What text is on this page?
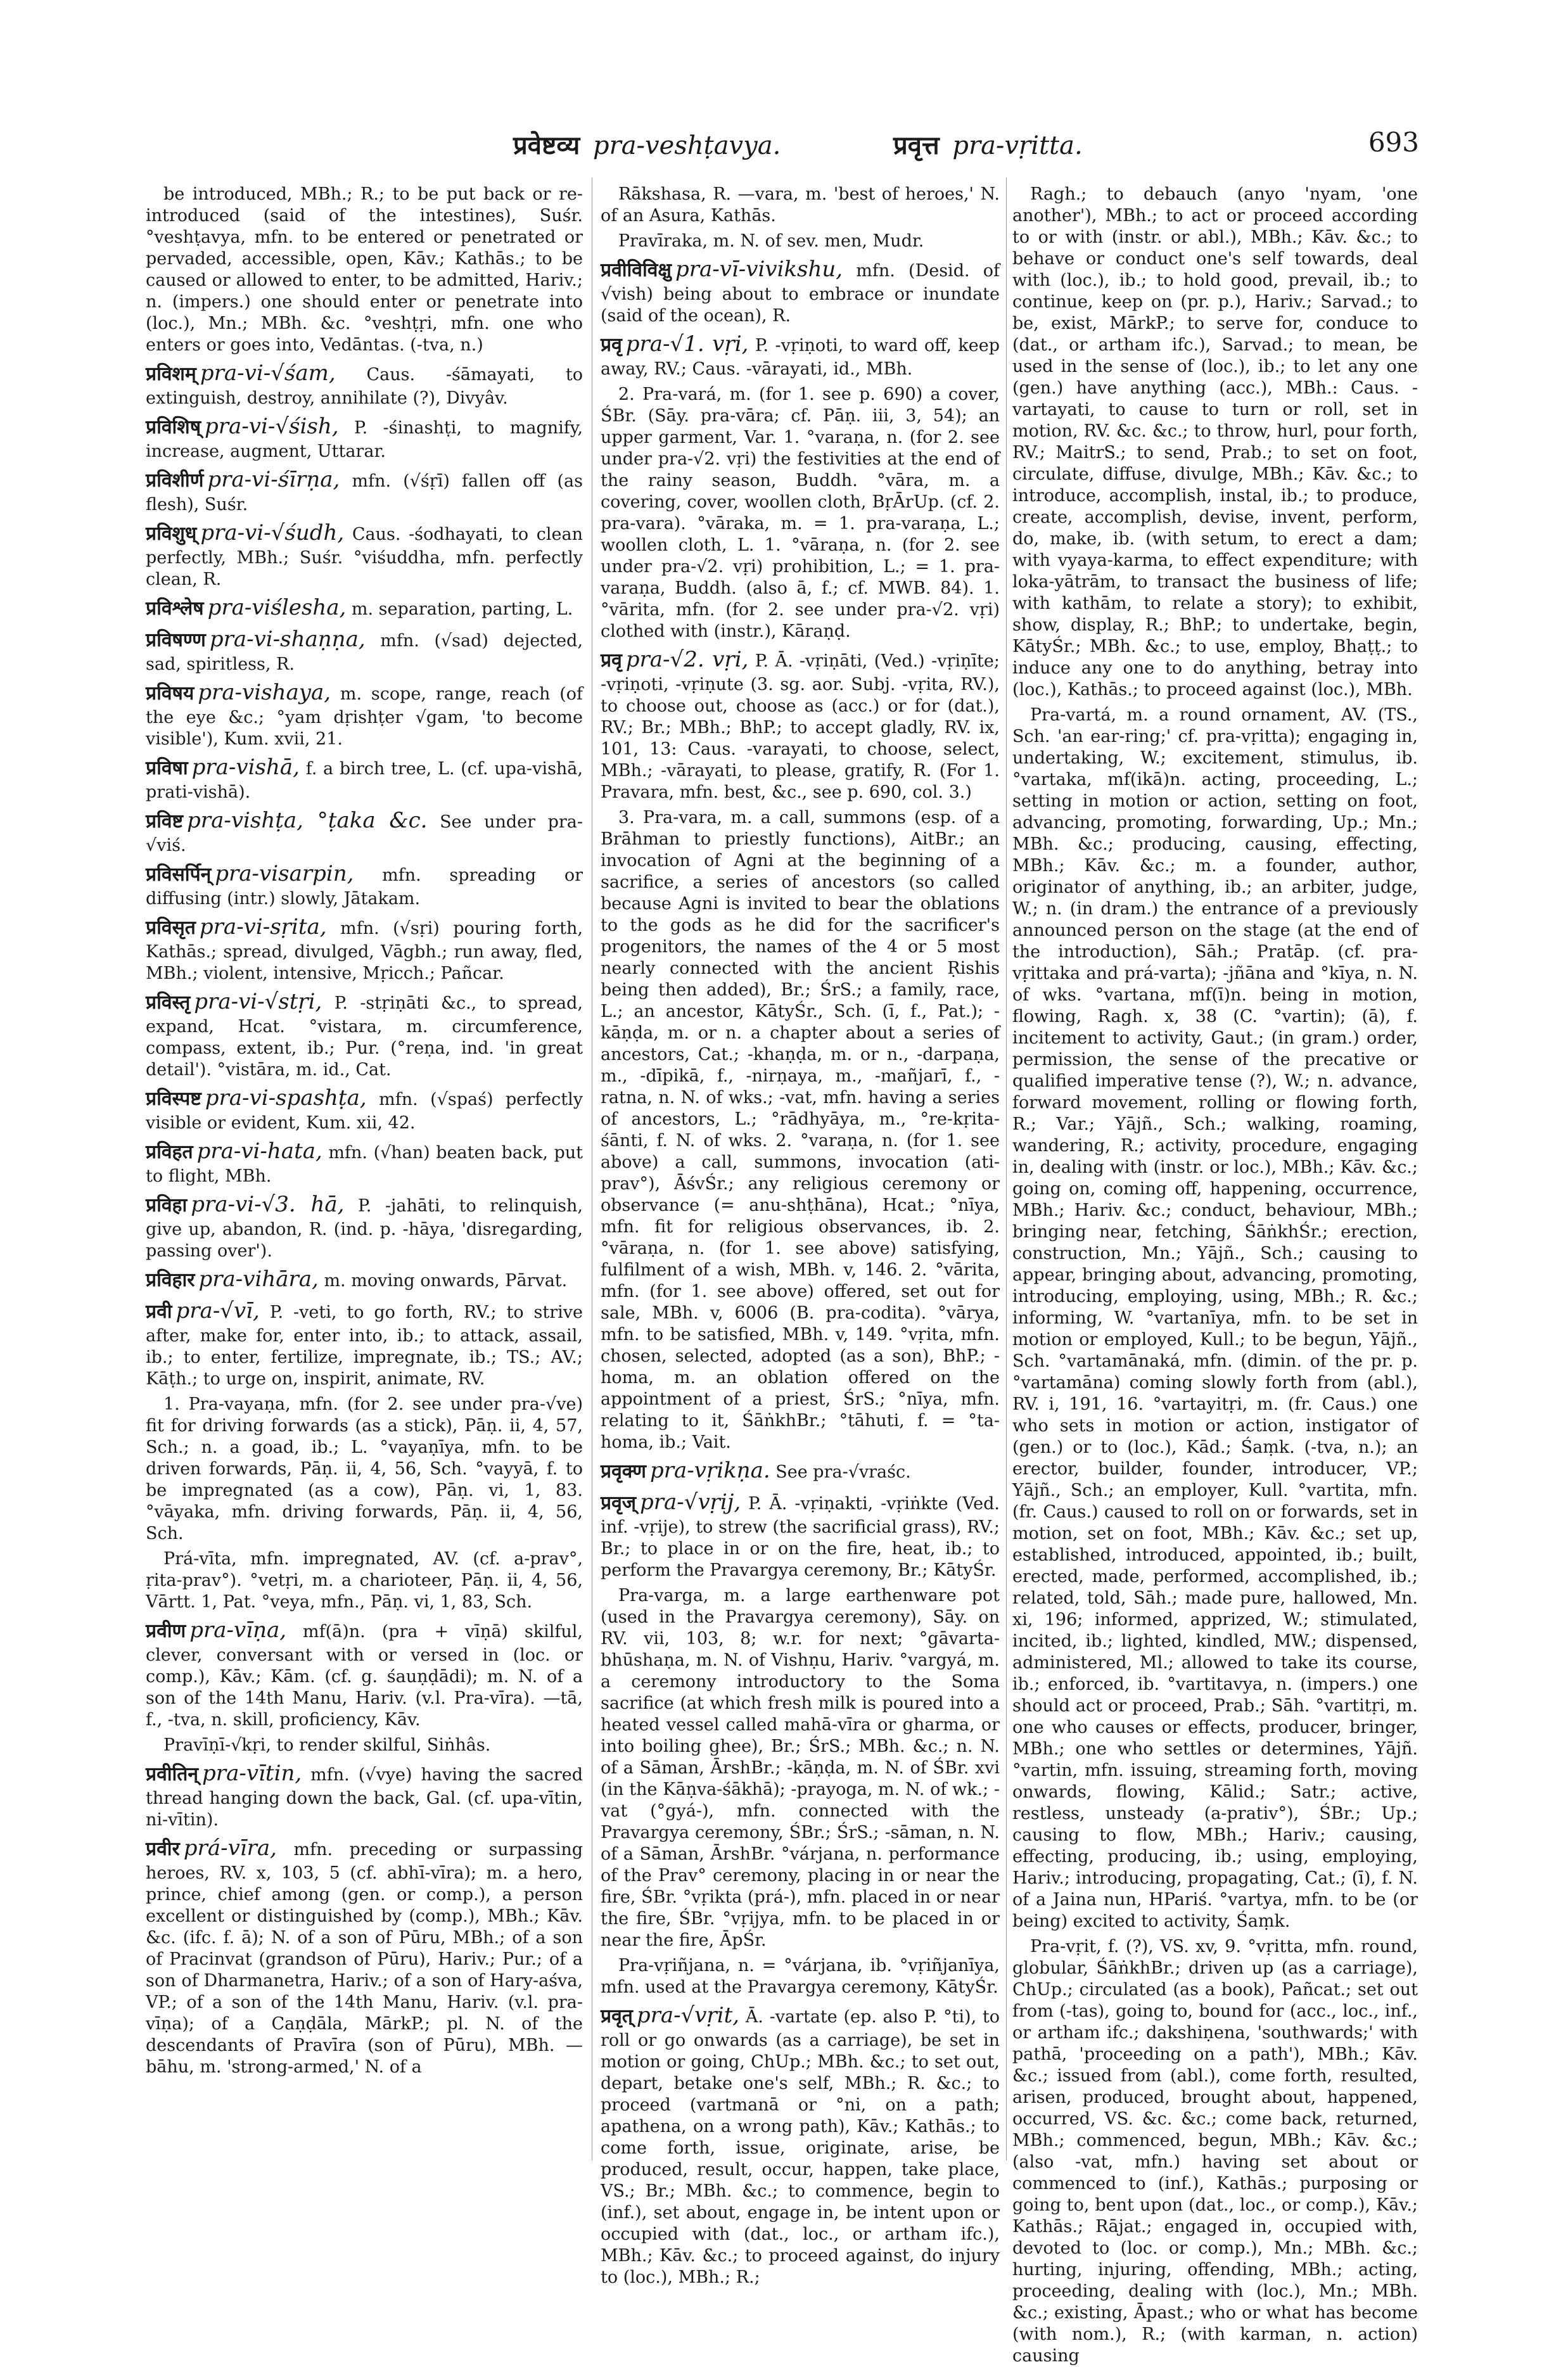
प्रवेष्टव्य pra-veshṭavya.	प्रवृत्त pra-vṛitta.	693
be introduced, MBh.; R.; to be put back or re-introduced (said of the intestines), Suśr. °veshṭavya, mfn. to be entered or penetrated or pervaded, accessible, open, Kāv.; Kathās.; to be caused or allowed to enter, to be admitted, Hariv.; n. (impers.) one should enter or penetrate into (loc.), Mn.; MBh. &c. °veshṭṛi, mfn. one who enters or goes into, Vedāntas. (-tva, n.)
प्रविशम् pra-vi-√śam, Caus. -śāmayati, to extinguish, destroy, annihilate (?), Divyâv.
प्रविशिष् pra-vi-√śish, P. -śinashṭi, to magnify, increase, augment, Uttarar.
प्रविशीर्ण pra-vi-śīrṇa, mfn. (√śṛī) fallen off (as flesh), Suśr.
प्रविशुध् pra-vi-√śudh, Caus. -śodhayati, to clean perfectly, MBh.; Suśr. °viśuddha, mfn. perfectly clean, R.
प्रविश्लेष pra-viślesha, m. separation, parting, L.
प्रविषण्ण pra-vi-shaṇṇa, mfn. (√sad) dejected, sad, spiritless, R.
प्रविषय pra-vishaya, m. scope, range, reach (of the eye &c.; °yam dṛishṭer √gam, 'to become visible'), Kum. xvii, 21.
प्रविषा pra-vishā, f. a birch tree, L. (cf. upa-vishā, prati-vishā).
प्रविष्ट pra-vishṭa, °ṭaka &c. See under pra-√viś.
प्रविसर्पिन् pra-visarpin, mfn. spreading or diffusing (intr.) slowly, Jātakam.
प्रविसृत pra-vi-sṛita, mfn. (√sṛi) pouring forth, Kathās.; spread, divulged, Vāgbh.; run away, fled, MBh.; violent, intensive, Mṛicch.; Pañcar.
प्रविस्तृ pra-vi-√stṛi, P. -stṛiṇāti &c., to spread, expand, Hcat. °vistara, m. circumference, compass, extent, ib.; Pur. (°reṇa, ind. 'in great detail'). °vistāra, m. id., Cat.
प्रविस्पष्ट pra-vi-spashṭa, mfn. (√spaś) perfectly visible or evident, Kum. xii, 42.
प्रविहत pra-vi-hata, mfn. (√han) beaten back, put to flight, MBh.
प्रविहा pra-vi-√3. hā, P. -jahāti, to relinquish, give up, abandon, R. (ind. p. -hāya, 'disregarding, passing over').
प्रविहार pra-vihāra, m. moving onwards, Pārvat.
प्रवी pra-√vī, P. -veti, to go forth, RV.; to strive after, make for, enter into, ib.; to attack, assail, ib.; to enter, fertilize, impregnate, ib.; TS.; AV.; Kāṭh.; to urge on, inspirit, animate, RV.
1. Pra-vayaṇa, mfn. (for 2. see under pra-√ve) fit for driving forwards (as a stick), Pāṇ. ii, 4, 57, Sch.; n. a goad, ib.; L. °vayaṇīya, mfn. to be driven forwards, Pāṇ. ii, 4, 56, Sch. °vayyā, f. to be impregnated (as a cow), Pāṇ. vi, 1, 83. °vāyaka, mfn. driving forwards, Pāṇ. ii, 4, 56, Sch.
Prá-vīta, mfn. impregnated, AV. (cf. a-prav°, ṛita-prav°). °vetṛi, m. a charioteer, Pāṇ. ii, 4, 56, Vārtt. 1, Pat. °veya, mfn., Pāṇ. vi, 1, 83, Sch.
प्रवीण pra-vīṇa, mf(ā)n. (pra + vīṇā) skilful, clever, conversant with or versed in (loc. or comp.), Kāv.; Kām. (cf. g. śauṇḍādi); m. N. of a son of the 14th Manu, Hariv. (v.l. Pra-vīra). —tā, f., -tva, n. skill, proficiency, Kāv.
Pravīṇī-√kṛi, to render skilful, Siṅhâs.
प्रवीतिन् pra-vītin, mfn. (√vye) having the sacred thread hanging down the back, Gal. (cf. upa-vītin, ni-vītin).
प्रवीर prá-vīra, mfn. preceding or surpassing heroes, RV. x, 103, 5 (cf. abhī-vīra); m. a hero, prince, chief among (gen. or comp.), a person excellent or distinguished by (comp.), MBh.; Kāv. &c. (ifc. f. ā); N. of a son of Pūru, MBh.; of a son of Pracinvat (grandson of Pūru), Hariv.; Pur.; of a son of Dharmanetra, Hariv.; of a son of Hary-aśva, VP.; of a son of the 14th Manu, Hariv. (v.l. pra-vīṇa); of a Caṇḍāla, MārkP.; pl. N. of the descendants of Pravīra (son of Pūru), MBh. —bāhu, m. 'strong-armed,' N. of a
Rākshasa, R. —vara, m. 'best of heroes,' N. of an Asura, Kathās.
Pravīraka, m. N. of sev. men, Mudr.
प्रवीविविक्षु pra-vī-vivikshu, mfn. (Desid. of √vish) being about to embrace or inundate (said of the ocean), R.
प्रवृ pra-√1. vṛi, P. -vṛiṇoti, to ward off, keep away, RV.; Caus. -vārayati, id., MBh.
2. Pra-vará, m. (for 1. see p. 690) a cover, ŚBr. (Sāy. pra-vāra; cf. Pāṇ. iii, 3, 54); an upper garment, Var. 1. °varaṇa, n. (for 2. see under pra-√2. vṛi) the festivities at the end of the rainy season, Buddh. °vāra, m. a covering, cover, woollen cloth, BṛĀrUp. (cf. 2. pra-vara). °vāraka, m. = 1. pra-varaṇa, L.; woollen cloth, L. 1. °vāraṇa, n. (for 2. see under pra-√2. vṛi) prohibition, L.; = 1. pra-varaṇa, Buddh. (also ā, f.; cf. MWB. 84). 1. °vārita, mfn. (for 2. see under pra-√2. vṛi) clothed with (instr.), Kāraṇḍ.
प्रवृ pra-√2. vṛi, P. Ā. -vṛiṇāti, (Ved.) -vṛiṇīte; -vṛiṇoti, -vṛiṇute (3. sg. aor. Subj. -vṛita, RV.), to choose out, choose as (acc.) or for (dat.), RV.; Br.; MBh.; BhP.; to accept gladly, RV. ix, 101, 13: Caus. -varayati, to choose, select, MBh.; -vārayati, to please, gratify, R. (For 1. Pravara, mfn. best, &c., see p. 690, col. 3.)
3. Pra-vara, m. a call, summons (esp. of a Brāhman to priestly functions), AitBr.; an invocation of Agni at the beginning of a sacrifice, a series of ancestors (so called because Agni is invited to bear the oblations to the gods as he did for the sacrificer's progenitors, the names of the 4 or 5 most nearly connected with the ancient Ṛishis being then added), Br.; ŚrS.; a family, race, L.; an ancestor, KātyŚr., Sch. (ī, f., Pat.); -kāṇḍa, m. or n. a chapter about a series of ancestors, Cat.; -khaṇḍa, m. or n., -darpaṇa, m., -dīpikā, f., -nirṇaya, m., -mañjarī, f., -ratna, n. N. of wks.; -vat, mfn. having a series of ancestors, L.; °rādhyāya, m., °re-kṛita-śānti, f. N. of wks. 2. °varaṇa, n. (for 1. see above) a call, summons, invocation (ati-prav°), ĀśvŚr.; any religious ceremony or observance (= anu-shṭhāna), Hcat.; °nīya, mfn. fit for religious observances, ib. 2. °vāraṇa, n. (for 1. see above) satisfying, fulfilment of a wish, MBh. v, 146. 2. °vārita, mfn. (for 1. see above) offered, set out for sale, MBh. v, 6006 (B. pra-codita). °vārya, mfn. to be satisfied, MBh. v, 149. °vṛita, mfn. chosen, selected, adopted (as a son), BhP.; -homa, m. an oblation offered on the appointment of a priest, ŚrS.; °nīya, mfn. relating to it, ŚāṅkhBr.; °tāhuti, f. = °ta-homa, ib.; Vait.
प्रवृक्ण pra-vṛikṇa. See pra-√vraśc.
प्रवृज् pra-√vṛij, P. Ā. -vṛiṇakti, -vṛiṅkte (Ved. inf. -vṛije), to strew (the sacrificial grass), RV.; Br.; to place in or on the fire, heat, ib.; to perform the Pravargya ceremony, Br.; KātyŚr.
Pra-varga, m. a large earthenware pot (used in the Pravargya ceremony), Sāy. on RV. vii, 103, 8; w.r. for next; °gāvarta-bhūshaṇa, m. N. of Vishṇu, Hariv. °vargyá, m. a ceremony introductory to the Soma sacrifice (at which fresh milk is poured into a heated vessel called mahā-vīra or gharma, or into boiling ghee), Br.; ŚrS.; MBh. &c.; n. N. of a Sāman, ĀrshBr.; -kāṇḍa, m. N. of ŚBr. xvi (in the Kāṇva-śākhā); -prayoga, m. N. of wk.; -vat (°gyá-), mfn. connected with the Pravargya ceremony, ŚBr.; ŚrS.; -sāman, n. N. of a Sāman, ĀrshBr. °várjana, n. performance of the Prav° ceremony, placing in or near the fire, ŚBr. °vṛikta (prá-), mfn. placed in or near the fire, ŚBr. °vṛijya, mfn. to be placed in or near the fire, ĀpŚr.
Pra-vṛiñjana, n. = °várjana, ib. °vṛiñjanīya, mfn. used at the Pravargya ceremony, KātyŚr.
प्रवृत् pra-√vṛit, Ā. -vartate (ep. also P. °ti), to roll or go onwards (as a carriage), be set in motion or going, ChUp.; MBh. &c.; to set out, depart, betake one's self, MBh.; R. &c.; to proceed (vartmanā or °ni, on a path; apathena, on a wrong path), Kāv.; Kathās.; to come forth, issue, originate, arise, be produced, result, occur, happen, take place, VS.; Br.; MBh. &c.; to commence, begin to (inf.), set about, engage in, be intent upon or occupied with (dat., loc., or artham ifc.), MBh.; Kāv. &c.; to proceed against, do injury to (loc.), MBh.; R.;
Ragh.; to debauch (anyo 'nyam, 'one another'), MBh.; to act or proceed according to or with (instr. or abl.), MBh.; Kāv. &c.; to behave or conduct one's self towards, deal with (loc.), ib.; to hold good, prevail, ib.; to continue, keep on (pr. p.), Hariv.; Sarvad.; to be, exist, MārkP.; to serve for, conduce to (dat., or artham ifc.), Sarvad.; to mean, be used in the sense of (loc.), ib.; to let any one (gen.) have anything (acc.), MBh.: Caus. -vartayati, to cause to turn or roll, set in motion, RV. &c. &c.; to throw, hurl, pour forth, RV.; MaitrS.; to send, Prab.; to set on foot, circulate, diffuse, divulge, MBh.; Kāv. &c.; to introduce, accomplish, instal, ib.; to produce, create, accomplish, devise, invent, perform, do, make, ib. (with setum, to erect a dam; with vyaya-karma, to effect expenditure; with loka-yātrām, to transact the business of life; with kathām, to relate a story); to exhibit, show, display, R.; BhP.; to undertake, begin, KātyŚr.; MBh. &c.; to use, employ, Bhaṭṭ.; to induce any one to do anything, betray into (loc.), Kathās.; to proceed against (loc.), MBh.
Pra-vartá, m. a round ornament, AV. (TS., Sch. 'an ear-ring;' cf. pra-vṛitta); engaging in, undertaking, W.; excitement, stimulus, ib. °vartaka, mf(ikā)n. acting, proceeding, L.; setting in motion or action, setting on foot, advancing, promoting, forwarding, Up.; Mn.; MBh. &c.; producing, causing, effecting, MBh.; Kāv. &c.; m. a founder, author, originator of anything, ib.; an arbiter, judge, W.; n. (in dram.) the entrance of a previously announced person on the stage (at the end of the introduction), Sāh.; Pratāp. (cf. pra-vṛittaka and prá-varta); -jñāna and °kīya, n. N. of wks. °vartana, mf(ī)n. being in motion, flowing, Ragh. x, 38 (C. °vartin); (ā), f. incitement to activity, Gaut.; (in gram.) order, permission, the sense of the precative or qualified imperative tense (?), W.; n. advance, forward movement, rolling or flowing forth, R.; Var.; Yājñ., Sch.; walking, roaming, wandering, R.; activity, procedure, engaging in, dealing with (instr. or loc.), MBh.; Kāv. &c.; going on, coming off, happening, occurrence, MBh.; Hariv. &c.; conduct, behaviour, MBh.; bringing near, fetching, ŚāṅkhŚr.; erection, construction, Mn.; Yājñ., Sch.; causing to appear, bringing about, advancing, promoting, introducing, employing, using, MBh.; R. &c.; informing, W. °vartanīya, mfn. to be set in motion or employed, Kull.; to be begun, Yājñ., Sch. °vartamānaká, mfn. (dimin. of the pr. p. °vartamāna) coming slowly forth from (abl.), RV. i, 191, 16. °vartayitṛi, m. (fr. Caus.) one who sets in motion or action, instigator of (gen.) or to (loc.), Kād.; Śaṃk. (-tva, n.); an erector, builder, founder, introducer, VP.; Yājñ., Sch.; an employer, Kull. °vartita, mfn. (fr. Caus.) caused to roll on or forwards, set in motion, set on foot, MBh.; Kāv. &c.; set up, established, introduced, appointed, ib.; built, erected, made, performed, accomplished, ib.; related, told, Sāh.; made pure, hallowed, Mn. xi, 196; informed, apprized, W.; stimulated, incited, ib.; lighted, kindled, MW.; dispensed, administered, Ml.; allowed to take its course, ib.; enforced, ib. °vartitavya, n. (impers.) one should act or proceed, Prab.; Sāh. °vartitṛi, m. one who causes or effects, producer, bringer, MBh.; one who settles or determines, Yājñ. °vartin, mfn. issuing, streaming forth, moving onwards, flowing, Kālid.; Satr.; active, restless, unsteady (a-prativ°), ŚBr.; Up.; causing to flow, MBh.; Hariv.; causing, effecting, producing, ib.; using, employing, Hariv.; introducing, propagating, Cat.; (ī), f. N. of a Jaina nun, HPariś. °vartya, mfn. to be (or being) excited to activity, Śaṃk.
Pra-vṛit, f. (?), VS. xv, 9. °vṛitta, mfn. round, globular, ŚāṅkhBr.; driven up (as a carriage), ChUp.; circulated (as a book), Pañcat.; set out from (-tas), going to, bound for (acc., loc., inf., or artham ifc.; dakshiṇena, 'southwards;' with pathā, 'proceeding on a path'), MBh.; Kāv. &c.; issued from (abl.), come forth, resulted, arisen, produced, brought about, happened, occurred, VS. &c. &c.; come back, returned, MBh.; commenced, begun, MBh.; Kāv. &c.; (also -vat, mfn.) having set about or commenced to (inf.), Kathās.; purposing or going to, bent upon (dat., loc., or comp.), Kāv.; Kathās.; Rājat.; engaged in, occupied with, devoted to (loc. or comp.), Mn.; MBh. &c.; hurting, injuring, offending, MBh.; acting, proceeding, dealing with (loc.), Mn.; MBh. &c.; existing, Āpast.; who or what has become (with nom.), R.; (with karman, n. action) causing
